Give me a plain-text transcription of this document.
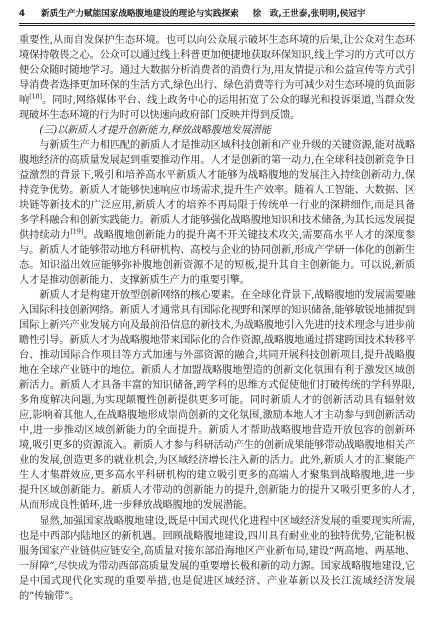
4	新质生产力赋能国家战略腹地建设的理论与实践探索 徐　政,王世泰,张明明,侯冠宇

重要性,从而自发保护生态环境。也可以向公众展示破坏生态环境的后果,让公众对生态环境保持敬畏之心。公众可以通过线上科普更加便捷地获取环保知识,线上学习的方式可以方便公众随时随地学习。通过大数据分析消费者的消费行为,用友情提示和公益宣传等方式引导消费者选择更加环保的生活方式,绿色出行、绿色消费等行为可减少对生态环境的负面影响[18]。同时,网络媒体平台、线上政务中心的运用拓宽了公众的曝光和投诉渠道,当群众发现破坏生态环境的行为时可以快速向政府部门反映并得到反馈。

(三)以新质人才提升创新能力,释放战略腹地发展潜能

与新质生产力相匹配的新质人才是推动区域科技创新和产业升级的关键资源,能对战略腹地经济的高质量发展起到重要推动作用。人才是创新的第一动力,在全球科技创新竞争日益激烈的背景下,吸引和培养高水平新质人才能够为战略腹地的发展注入持续创新动力,保持竞争优势。新质人才能够快速响应市场需求,提升生产效率。随着人工智能、大数据、区块链等新技术的广泛应用,新质人才的培养不再局限于传统单一行业的深耕细作,而是具备多学科融合和创新实践能力。新质人才能够强化战略腹地知识和技术储备,为其长远发展提供持续动力[19]。战略腹地创新能力的提升离不开关键技术攻关,需要高水平人才的深度参与。新质人才能够带动地方科研机构、高校与企业的协同创新,形成产学研一体化的创新生态。知识溢出效应能够弥补腹地创新资源不足的短板,提升其自主创新能力。可以说,新质人才是推动创新能力、支撑新质生产力的重要引擎。

新质人才是构建开放型创新网络的核心要素。在全球化背景下,战略腹地的发展需要融入国际科技创新网络。新质人才通常具有国际化视野和深厚的知识储备,能够敏锐地捕捉到国际上新兴产业发展方向及最前沿信息的新技术,为战略腹地引入先进的技术理念与进步前瞻性引导。新质人才为战略腹地带来国际化的合作资源,战略腹地通过搭建跨国技术转移平台、推动国际合作项目等方式加速与外部资源的融合,共同开展科技创新项目,提升战略腹地在全球产业链中的地位。新质人才加盟战略腹地塑造的创新文化氛围有利于激发区域创新活力。新质人才具备丰富的知识储备,跨学科的思维方式促使他们打破传统的学科界限,多角度解决问题,为实现颠覆性创新提供更多可能。同时新质人才的创新活动具有辐射效应,影响着其他人,在战略腹地形成崇尚创新的文化氛围,激励本地人才主动参与到创新活动中,进一步推动区域创新能力的全面提升。新质人才帮助战略腹地营造开放包容的创新环境,吸引更多的资源流入。新质人才参与科研活动产生的创新成果能够带动战略腹地相关产业的发展,创造更多的就业机会,为区域经济增长注入新的活力。此外,新质人才的汇聚能产生人才集群效应,更多高水平科研机构的建立吸引更多的高端人才聚集到战略腹地,进一步提升区域创新能力。新质人才带动的创新能力的提升,创新能力的提升又吸引更多的人才,从而形成良性循环,进一步释放战略腹地的发展潜能。

显然,加强国家战略腹地建设,既是中国式现代化进程中区域经济发展的重要现实所需,也是中西部内陆地区的新机遇。回顾战略腹地建设,四川具有耐业业的独特优势,它能积极服务国家产业链供应链安全,高质量对接东部沿海地区产业新布局,建设“两高地、两基地、一屏障”,尽快成为带动西部高质量发展的重要增长极和新的动力源。国家战略腹地建设,它是中国式现代化实现的重要举措,也是促进区域经济、产业革新以及长江流域经济发展的“传输带”。
